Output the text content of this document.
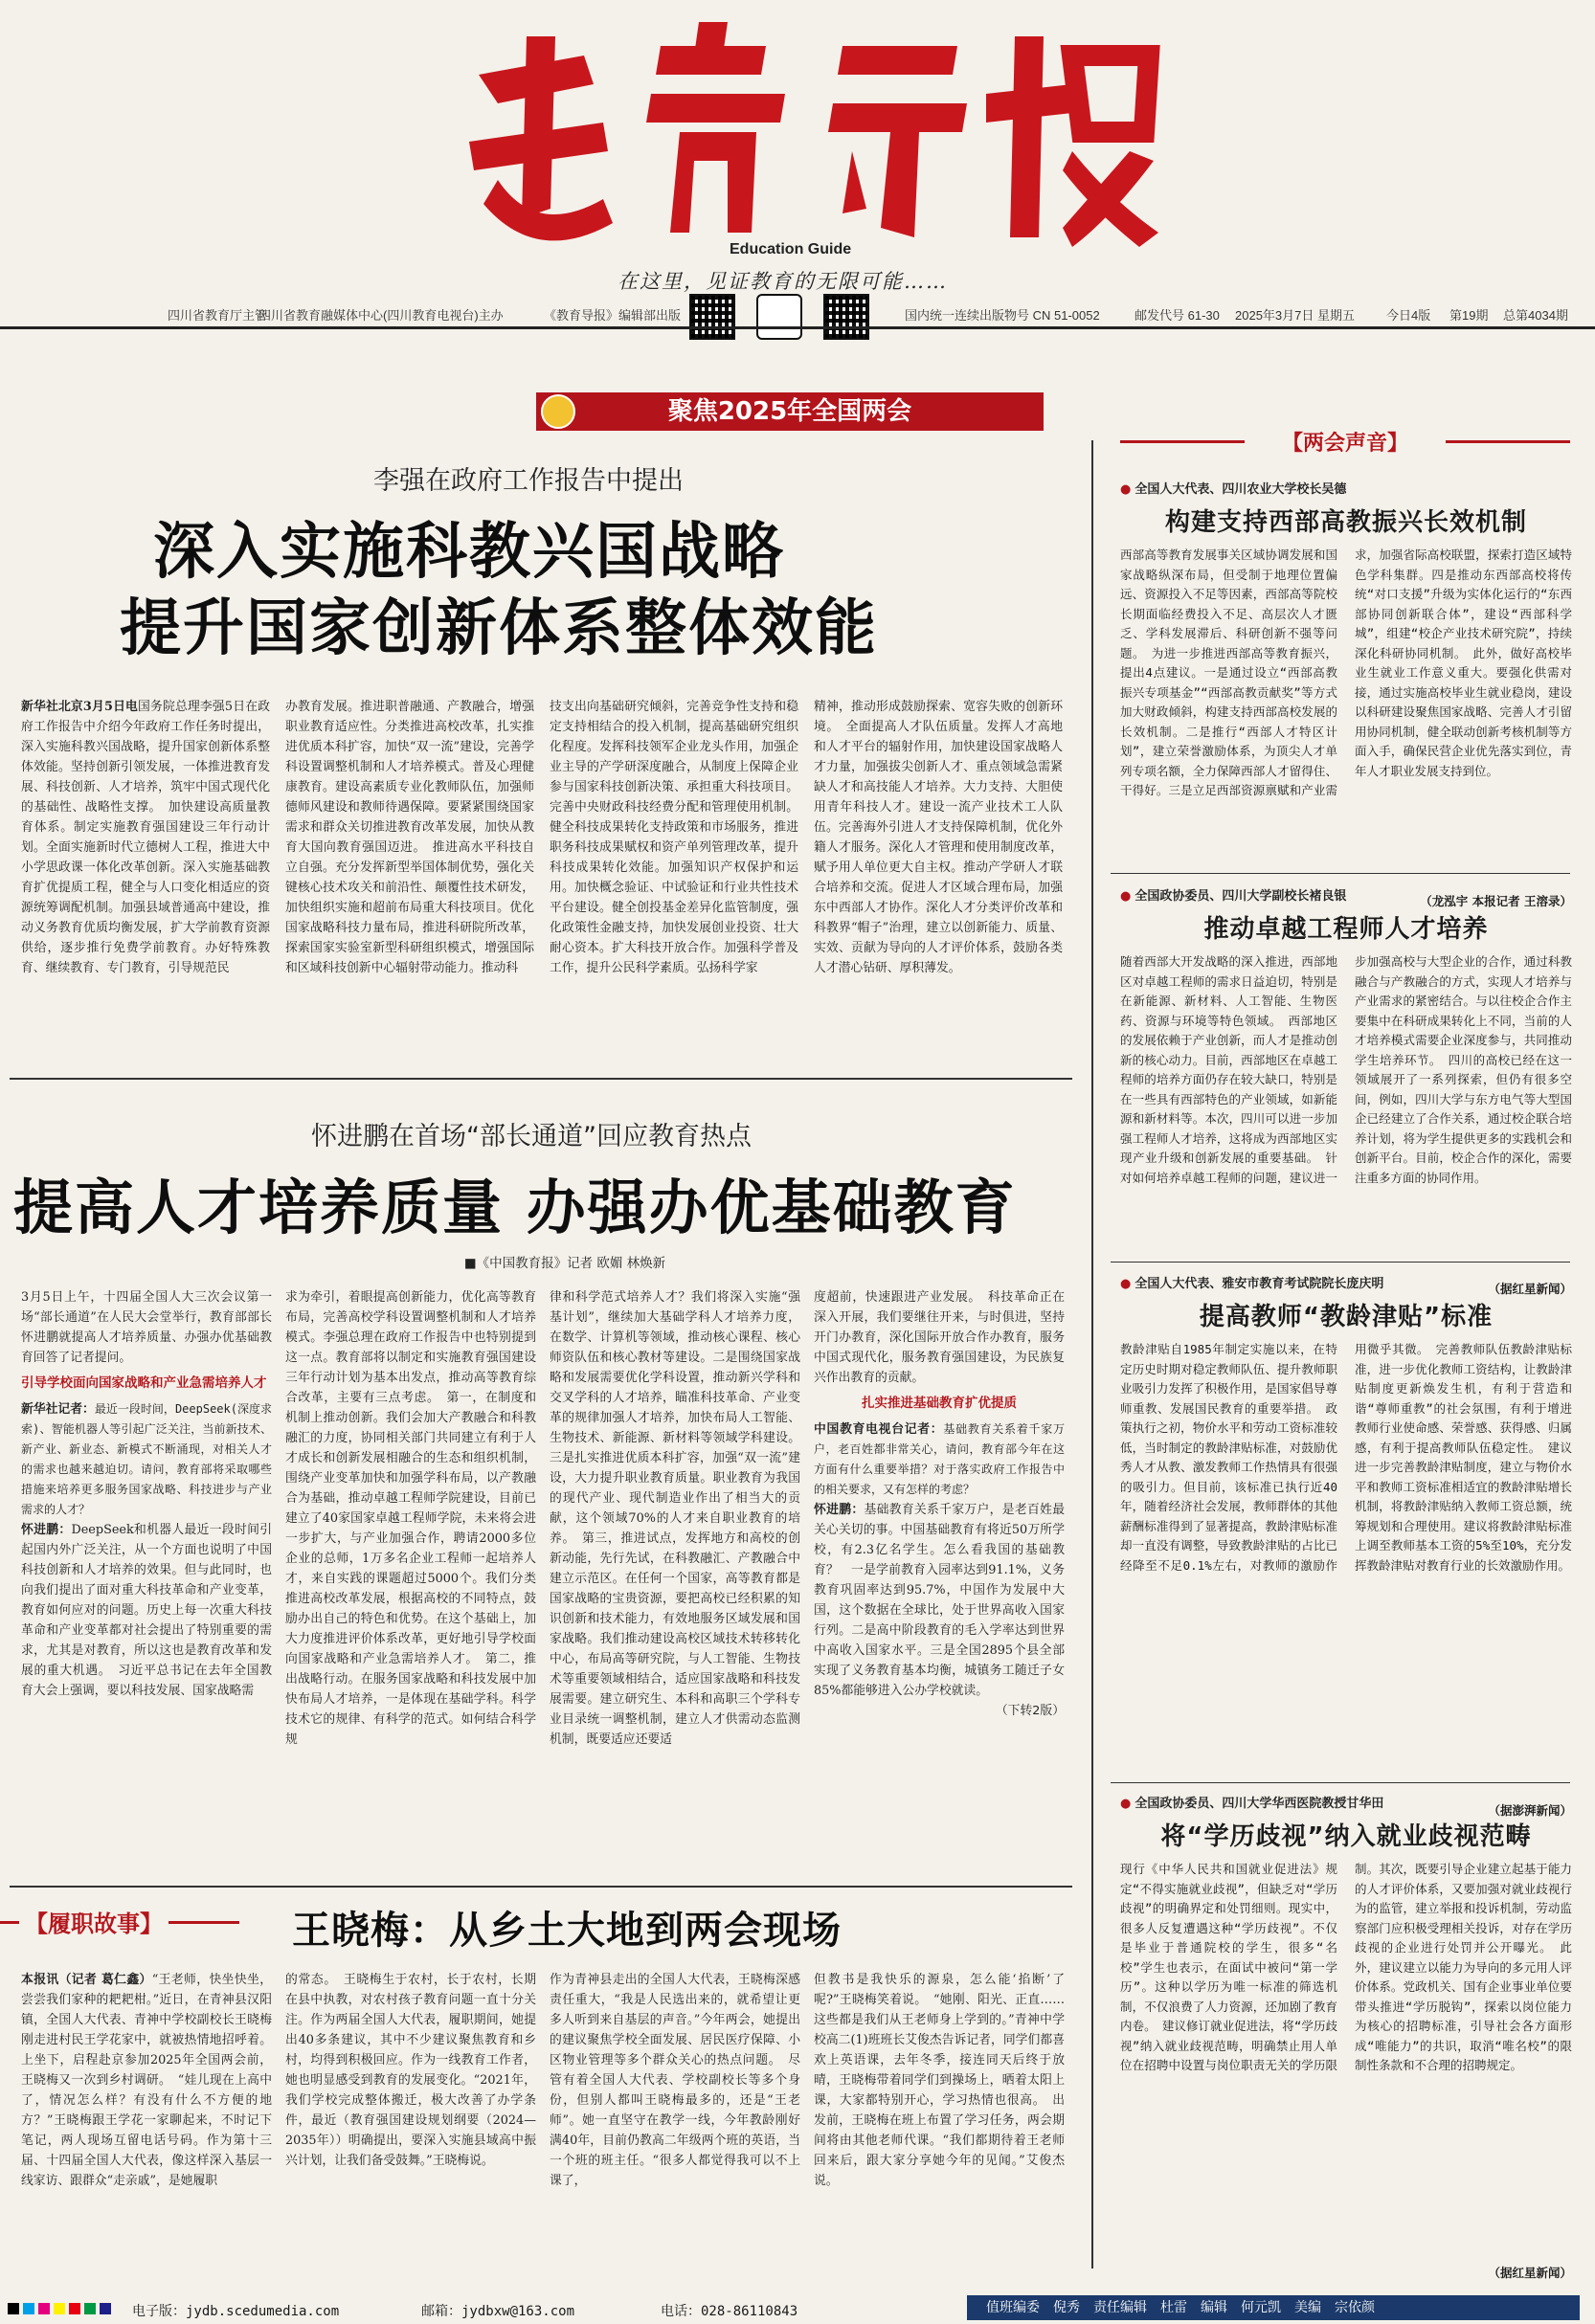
Education Guide
在这里，见证教育的无限可能……
四川省教育厅主管
四川省教育融媒体中心(四川教育电视台)主办	《教育导报》编辑部出版	国内统一连续出版物号 CN 51-0052	邮发代号 61-30 2025年3月7日 星期五	今日4版 第19期 总第4034期
聚焦2025年全国两会
李强在政府工作报告中提出
深入实施科教兴国战略
提升国家创新体系整体效能
新华社北京3月5日电国务院总理李强5日在政府工作报告中介绍今年政府工作任务时提出，深入实施科教兴国战略，提升国家创新体系整体效能。坚持创新引领发展，一体推进教育发展、科技创新、人才培养，筑牢中国式现代化的基础性、战略性支撑。　加快建设高质量教育体系。制定实施教育强国建设三年行动计划。全面实施新时代立德树人工程，推进大中小学思政课一体化改革创新。深入实施基础教育扩优提质工程，健全与人口变化相适应的资源统筹调配机制。加强县域普通高中建设，推动义务教育优质均衡发展，扩大学前教育资源供给，逐步推行免费学前教育。办好特殊教育、继续教育、专门教育，引导规范民
办教育发展。推进职普融通、产教融合，增强职业教育适应性。分类推进高校改革，扎实推进优质本科扩容，加快“双一流”建设，完善学科设置调整机制和人才培养模式。普及心理健康教育。建设高素质专业化教师队伍，加强师德师风建设和教师待遇保障。要紧紧围绕国家需求和群众关切推进教育改革发展，加快从教育大国向教育强国迈进。　推进高水平科技自立自强。充分发挥新型举国体制优势，强化关键核心技术攻关和前沿性、颠覆性技术研发，加快组织实施和超前布局重大科技项目。优化国家战略科技力量布局，推进科研院所改革，探索国家实验室新型科研组织模式，增强国际和区域科技创新中心辐射带动能力。推动科
技支出向基础研究倾斜，完善竞争性支持和稳定支持相结合的投入机制，提高基础研究组织化程度。发挥科技领军企业龙头作用，加强企业主导的产学研深度融合，从制度上保障企业参与国家科技创新决策、承担重大科技项目。完善中央财政科技经费分配和管理使用机制。健全科技成果转化支持政策和市场服务，推进职务科技成果赋权和资产单列管理改革，提升科技成果转化效能。加强知识产权保护和运用。加快概念验证、中试验证和行业共性技术平台建设。健全创投基金差异化监管制度，强化政策性金融支持，加快发展创业投资、壮大耐心资本。扩大科技开放合作。加强科学普及工作，提升公民科学素质。弘扬科学家
精神，推动形成鼓励探索、宽容失败的创新环境。　全面提高人才队伍质量。发挥人才高地和人才平台的辐射作用，加快建设国家战略人才力量，加强拔尖创新人才、重点领域急需紧缺人才和高技能人才培养。大力支持、大胆使用青年科技人才。建设一流产业技术工人队伍。完善海外引进人才支持保障机制，优化外籍人才服务。深化人才管理和使用制度改革，赋予用人单位更大自主权。推动产学研人才联合培养和交流。促进人才区域合理布局，加强东中西部人才协作。深化人才分类评价改革和科教界“帽子”治理，建立以创新能力、质量、实效、贡献为导向的人才评价体系，鼓励各类人才潜心钻研、厚积薄发。
怀进鹏在首场“部长通道”回应教育热点
提高人才培养质量 办强办优基础教育
■《中国教育报》记者 欧媚 林焕新
3月5日上午，十四届全国人大三次会议第一场“部长通道”在人民大会堂举行，教育部部长怀进鹏就提高人才培养质量、办强办优基础教育回答了记者提问。
引导学校面向国家战略和产业急需培养人才
新华社记者：最近一段时间，DeepSeek(深度求索)、智能机器人等引起广泛关注，当前新技术、新产业、新业态、新模式不断涌现，对相关人才的需求也越来越迫切。请问，教育部将采取哪些措施来培养更多服务国家战略、科技进步与产业需求的人才？
怀进鹏：DeepSeek和机器人最近一段时间引起国内外广泛关注，从一个方面也说明了中国科技创新和人才培养的效果。但与此同时，也向我们提出了面对重大科技革命和产业变革，教育如何应对的问题。历史上每一次重大科技革命和产业变革都对社会提出了特别重要的需求，尤其是对教育，所以这也是教育改革和发展的重大机遇。　习近平总书记在去年全国教育大会上强调，要以科技发展、国家战略需
求为牵引，着眼提高创新能力，优化高等教育布局，完善高校学科设置调整机制和人才培养模式。李强总理在政府工作报告中也特别提到这一点。教育部将以制定和实施教育强国建设三年行动计划为基本出发点，推动高等教育综合改革，主要有三点考虑。　第一，在制度和机制上推动创新。我们会加大产教融合和科教融汇的力度，协同相关部门共同建立有利于人才成长和创新发展相融合的生态和组织机制，围绕产业变革加快和加强学科布局，以产教融合为基础，推动卓越工程师学院建设，目前已建立了40家国家卓越工程师学院，未来将会进一步扩大，与产业加强合作，聘请2000多位企业的总师，1万多名企业工程师一起培养人才，来自实践的课题超过5000个。我们分类推进高校改革发展，根据高校的不同特点，鼓励办出自己的特色和优势。在这个基础上，加大力度推进评价体系改革，更好地引导学校面向国家战略和产业急需培养人才。　第二，推出战略行动。在服务国家战略和科技发展中加快布局人才培养，一是体现在基础学科。科学技术它的规律、有科学的范式。如何结合科学规
律和科学范式培养人才？我们将深入实施“强基计划”，继续加大基础学科人才培养力度，在数学、计算机等领域，推动核心课程、核心师资队伍和核心教材等建设。二是围绕国家战略和发展需要优化学科设置，推动新兴学科和交叉学科的人才培养，瞄准科技革命、产业变革的规律加强人才培养，加快布局人工智能、生物技术、新能源、新材料等领域学科建设。三是扎实推进优质本科扩容，加强“双一流”建设，大力提升职业教育质量。职业教育为我国的现代产业、现代制造业作出了相当大的贡献，这个领域70%的人才来自职业教育的培养。　第三，推进试点，发挥地方和高校的创新动能，先行先试，在科教融汇、产教融合中建立示范区。在任何一个国家，高等教育都是国家战略的宝贵资源，要把高校已经积累的知识创新和技术能力，有效地服务区域发展和国家战略。我们推动建设高校区域技术转移转化中心，布局高等研究院，与人工智能、生物技术等重要领域相结合，适应国家战略和科技发展需要。建立研究生、本科和高职三个学科专业目录统一调整机制，建立人才供需动态监测机制，既要适应还要适
度超前，快速跟进产业发展。　科技革命正在深入开展，我们要继往开来，与时俱进，坚持开门办教育，深化国际开放合作办教育，服务中国式现代化，服务教育强国建设，为民族复兴作出教育的贡献。
扎实推进基础教育扩优提质
中国教育电视台记者：基础教育关系着千家万户，老百姓都非常关心，请问，教育部今年在这方面有什么重要举措？对于落实政府工作报告中的相关要求，又有怎样的考虑？
怀进鹏：基础教育关系千家万户，是老百姓最关心关切的事。中国基础教育有将近50万所学校，有2.3亿名学生。怎么看我国的基础教育？　一是学前教育入园率达到91.1%，义务教育巩固率达到95.7%，中国作为发展中大国，这个数据在全球比，处于世界高收入国家行列。二是高中阶段教育的毛入学率达到世界中高收入国家水平。三是全国2895个县全部实现了义务教育基本均衡，城镇务工随迁子女85%都能够进入公办学校就读。
（下转2版）
【两会声音】
● 全国人大代表、四川农业大学校长吴德
构建支持西部高教振兴长效机制
西部高等教育发展事关区域协调发展和国家战略纵深布局，但受制于地理位置偏远、资源投入不足等因素，西部高等院校长期面临经费投入不足、高层次人才匮乏、学科发展滞后、科研创新不强等问题。　为进一步推进西部高等教育振兴，提出4点建议。一是通过设立“西部高教振兴专项基金”“西部高教贡献奖”等方式加大财政倾斜，构建支持西部高校发展的长效机制。二是推行“西部人才特区计划”，建立荣誉激励体系，为顶尖人才单列专项名额，全力保障西部人才留得住、干得好。三是立足西部资源禀赋和产业需求，加强省际高校联盟，探索打造区域特色学科集群。四是推动东西部高校将传统“对口支援”升级为实体化运行的“东西部协同创新联合体”，建设“西部科学城”，组建“校企产业技术研究院”，持续深化科研协同机制。　此外，做好高校毕业生就业工作意义重大。要强化供需对接，通过实施高校毕业生就业稳岗，建设以科研建设聚焦国家战略、完善人才引留用协同机制，健全联动创新考核机制等方面入手，确保民营企业优先落实到位，青年人才职业发展支持到位。
（龙泓宇 本报记者 王溶录）
● 全国政协委员、四川大学副校长褚良银
推动卓越工程师人才培养
随着西部大开发战略的深入推进，西部地区对卓越工程师的需求日益迫切，特别是在新能源、新材料、人工智能、生物医药、资源与环境等特色领域。　西部地区的发展依赖于产业创新，而人才是推动创新的核心动力。目前，西部地区在卓越工程师的培养方面仍存在较大缺口，特别是在一些具有西部特色的产业领域，如新能源和新材料等。本次，四川可以进一步加强工程师人才培养，这将成为西部地区实现产业升级和创新发展的重要基础。　针对如何培养卓越工程师的问题，建议进一步加强高校与大型企业的合作，通过科教融合与产教融合的方式，实现人才培养与产业需求的紧密结合。与以往校企合作主要集中在科研成果转化上不同，当前的人才培养模式需要企业深度参与，共同推动学生培养环节。　四川的高校已经在这一领域展开了一系列探索，但仍有很多空间，例如，四川大学与东方电气等大型国企已经建立了合作关系，通过校企联合培养计划，将为学生提供更多的实践机会和创新平台。目前，校企合作的深化，需要注重多方面的协同作用。
（据红星新闻）
● 全国人大代表、雅安市教育考试院院长庞庆明
提高教师“教龄津贴”标准
教龄津贴自1985年制定实施以来，在特定历史时期对稳定教师队伍、提升教师职业吸引力发挥了积极作用，是国家倡导尊师重教、发展国民教育的重要举措。　政策执行之初，物价水平和劳动工资标准较低，当时制定的教龄津贴标准，对鼓励优秀人才从教、激发教师工作热情具有很强的吸引力。但目前，该标准已执行近40年，随着经济社会发展，教师群体的其他薪酬标准得到了显著提高，教龄津贴标准却一直没有调整，导致教龄津贴的占比已经降至不足0.1%左右，对教师的激励作用微乎其微。　完善教师队伍教龄津贴标准，进一步优化教师工资结构，让教龄津贴制度更新焕发生机，有利于营造和谐“尊师重教”的社会氛围，有利于增进教师行业使命感、荣誉感、获得感、归属感，有利于提高教师队伍稳定性。　建议进一步完善教龄津贴制度，建立与物价水平和教师工资标准相适宜的教龄津贴增长机制，将教龄津贴纳入教师工资总额，统筹规划和合理使用。建议将教龄津贴标准上调至教师基本工资的5%至10%，充分发挥教龄津贴对教育行业的长效激励作用。
（据澎湃新闻）
● 全国政协委员、四川大学华西医院教授甘华田
将“学历歧视”纳入就业歧视范畴
现行《中华人民共和国就业促进法》规定“不得实施就业歧视”，但缺乏对“学历歧视”的明确界定和处罚细则。现实中，很多人反复遭遇这种“学历歧视”。不仅是毕业于普通院校的学生，很多“名校”学生也表示，在面试中被问“第一学历”。这种以学历为唯一标准的筛选机制，不仅浪费了人力资源，还加剧了教育内卷。　建议修订就业促进法，将“学历歧视”纳入就业歧视范畴，明确禁止用人单位在招聘中设置与岗位职责无关的学历限制。其次，既要引导企业建立起基于能力的人才评价体系，又要加强对就业歧视行为的监管，建立举报和投诉机制，劳动监察部门应积极受理相关投诉，对存在学历歧视的企业进行处罚并公开曝光。　此外，建议建立以能力为导向的多元用人评价体系。党政机关、国有企业事业单位要带头推进“学历脱钩”，探索以岗位能力为核心的招聘标准，引导社会各方面形成“唯能力”的共识，取消“唯名校”的限制性条款和不合理的招聘规定。
（据红星新闻）
【履职故事】	王晓梅：从乡土大地到两会现场
本报讯（记者 葛仁鑫）“王老师，快坐快坐，尝尝我们家种的耙耙柑。”近日，在青神县汉阳镇，全国人大代表、青神中学校副校长王晓梅刚走进村民王学花家中，就被热情地招呼着。上坐下，启程赴京参加2025年全国两会前，王晓梅又一次到乡村调研。　“娃儿现在上高中了，情况怎么样？有没有什么不方便的地方？”王晓梅跟王学花一家聊起来，不时记下笔记，两人现场互留电话号码。作为第十三届、十四届全国人大代表，像这样深入基层一线家访、跟群众“走亲戚”，是她履职
的常态。　王晓梅生于农村，长于农村，长期在县中执教，对农村孩子教育问题一直十分关注。作为两届全国人大代表，履职期间，她提出40多条建议，其中不少建议聚焦教育和乡村，均得到积极回应。作为一线教育工作者，她也明显感受到教育的发展变化。“2021年，我们学校完成整体搬迁，极大改善了办学条件，最近（教育强国建设规划纲要（2024—2035年））明确提出，要深入实施县域高中振兴计划，让我们备受鼓舞。”王晓梅说。
作为青神县走出的全国人大代表，王晓梅深感责任重大，“我是人民选出来的，就希望让更多人听到来自基层的声音。”今年两会，她提出的建议聚焦学校全面发展、居民医疗保障、小区物业管理等多个群众关心的热点问题。　尽管有着全国人大代表、学校副校长等多个身份，但别人都叫王晓梅最多的，还是“王老师”。她一直坚守在教学一线，今年教龄刚好满40年，目前仍教高二年级两个班的英语，当一个班的班主任。“很多人都觉得我可以不上课了，
但教书是我快乐的源泉，怎么能‘掐断’了呢?”王晓梅笑着说。　“她刚、阳光、正直……这些都是我们从王老师身上学到的。”青神中学校高二(1)班班长艾俊杰告诉记者，同学们都喜欢上英语课，去年冬季，接连同天后终于放晴，王晓梅带着同学们到操场上，晒着太阳上课，大家都特别开心，学习热情也很高。　出发前，王晓梅在班上布置了学习任务，两会期间将由其他老师代课。“我们都期待着王老师回来后，跟大家分享她今年的见闻。”艾俊杰说。
电子版：jydb.scedumedia.com	邮箱：jydbxw@163.com	电话：028-86110843	值班编委　倪秀　责任编辑　杜雷　编辑　何元凯　美编　宗依颜
